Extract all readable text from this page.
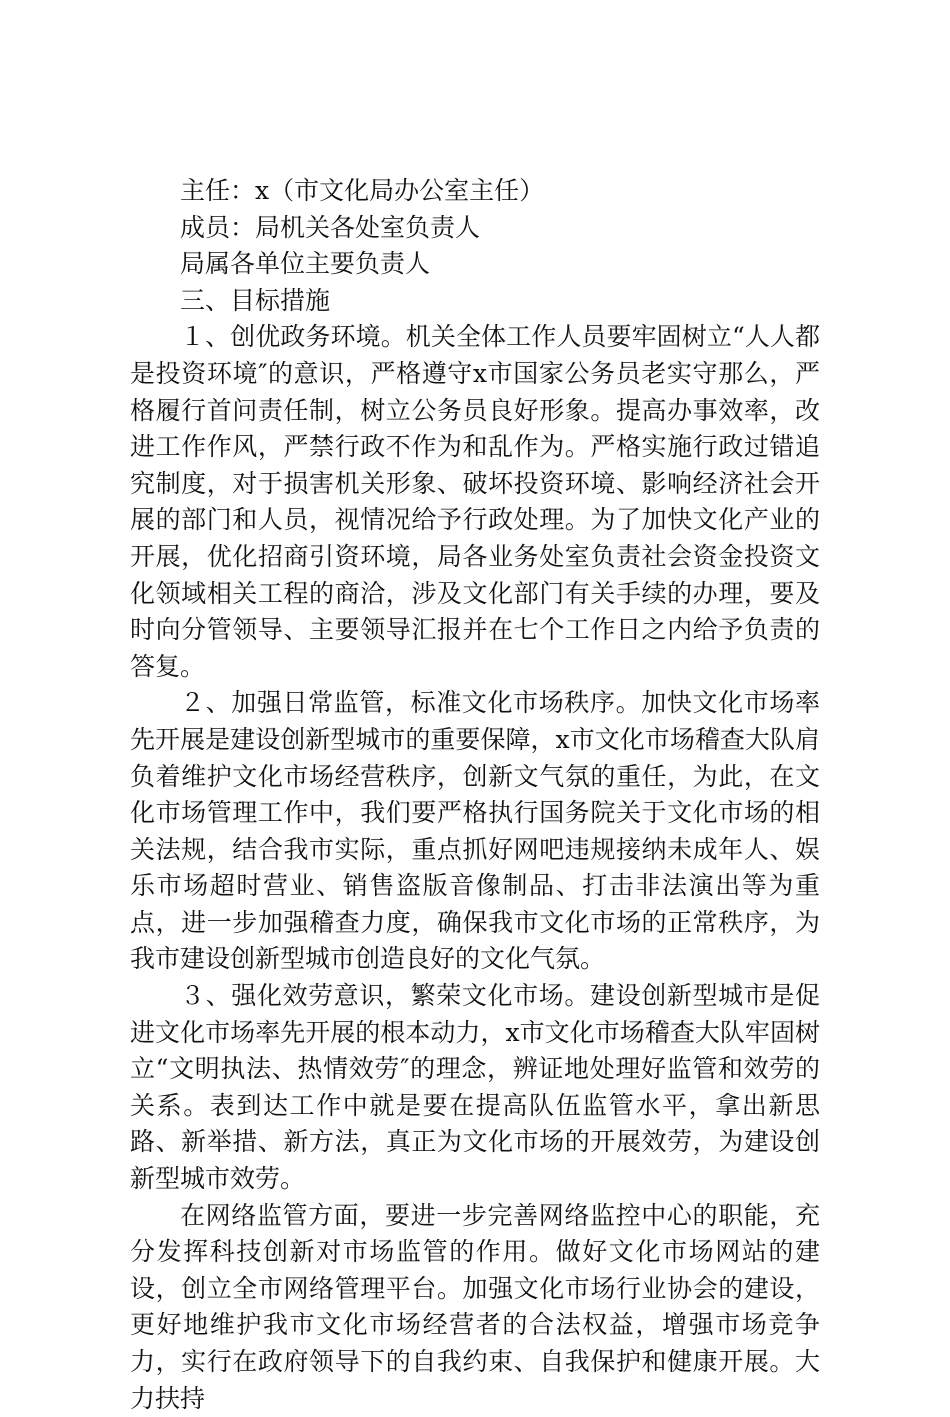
主任：x（市文化局办公室主任）

成员：局机关各处室负责人

局属各单位主要负责人

三、目标措施

１、创优政务环境。机关全体工作人员要牢固树立“人人都是投资环境″的意识，严格遵守x市国家公务员老实守那么，严格履行首问责任制，树立公务员良好形象。提高办事效率，改进工作作风，严禁行政不作为和乱作为。严格实施行政过错追究制度，对于损害机关形象、破坏投资环境、影响经济社会开展的部门和人员，视情况给予行政处理。为了加快文化产业的开展，优化招商引资环境，局各业务处室负责社会资金投资文化领域相关工程的商洽，涉及文化部门有关手续的办理，要及时向分管领导、主要领导汇报并在七个工作日之内给予负责的答复。

２、加强日常监管，标准文化市场秩序。加快文化市场率先开展是建设创新型城市的重要保障，x市文化市场稽查大队肩负着维护文化市场经营秩序，创新文气氛的重任，为此，在文化市场管理工作中，我们要严格执行国务院关于文化市场的相关法规，结合我市实际，重点抓好网吧违规接纳未成年人、娱乐市场超时营业、销售盗版音像制品、打击非法演出等为重点，进一步加强稽查力度，确保我市文化市场的正常秩序，为我市建设创新型城市创造良好的文化气氛。

３、强化效劳意识，繁荣文化市场。建设创新型城市是促进文化市场率先开展的根本动力，x市文化市场稽查大队牢固树立“文明执法、热情效劳″的理念，辨证地处理好监管和效劳的关系。表到达工作中就是要在提高队伍监管水平，拿出新思路、新举措、新方法，真正为文化市场的开展效劳，为建设创新型城市效劳。

在网络监管方面，要进一步完善网络监控中心的职能，充分发挥科技创新对市场监管的作用。做好文化市场网站的建设，创立全市网络管理平台。加强文化市场行业协会的建设，更好地维护我市文化市场经营者的合法权益，增强市场竞争力，实行在政府领导下的自我约束、自我保护和健康开展。大力扶持
